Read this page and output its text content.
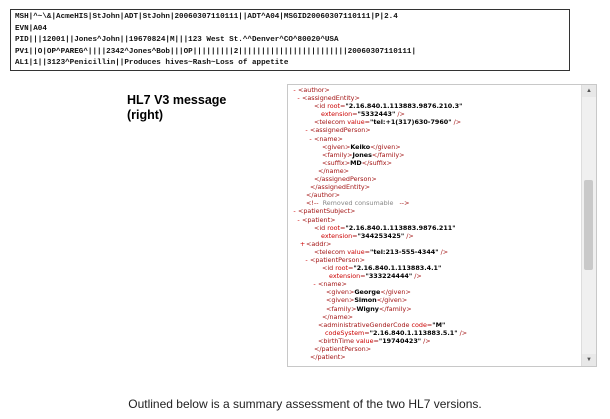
MSH|^~\&|AcmeHIS|StJohn|ADT|StJohn|20060307110111||ADT^A04|MSGID20060307110111|P|2.4
EVN|A04
PID|||12001||Jones^John||19670824|M|||123 West St.^^Denver^CO^80020^USA
PV1||O|OP^PAREG^||||2342^Jones^Bob|||OP|||||||||2||||||||||||||||||||||||20060307110111|
AL1|1||3123^Penicillin||Produces hives~Rash~Loss of appetite
HL7 V3 message
(right)
- <author>
- <assignedEntity>
<id root="2.16.840.1.113883.9876.210.3"
extension="5332443" />
<telecom value="tel:+1(317)630-7960" />
- <assignedPerson>
- <name>
<given>Keiko</given>
<family>Jones</family>
<suffix>MD</suffix>
</name>
</assignedPerson>
</assignedEntity>
</author>
<!--  Removed consumable   -->
- <patientSubject>
- <patient>
<id root="2.16.840.1.113883.9876.211"
extension="344253425" />
+<addr>
<telecom value="tel:213-555-4344" />
- <patientPerson>
<id root="2.16.840.1.113883.4.1"
extension="333224444" />
- <name>
<given>George</given>
<given>Simon</given>
<family>Wigny</family>
</name>
<administrativeGenderCode code="M"
codeSystem="2.16.840.1.113883.5.1" />
<birthTime value="19740423" />
</patientPerson>
</patient>
▲
▼
Outlined below is a summary assessment of the two HL7 versions.
